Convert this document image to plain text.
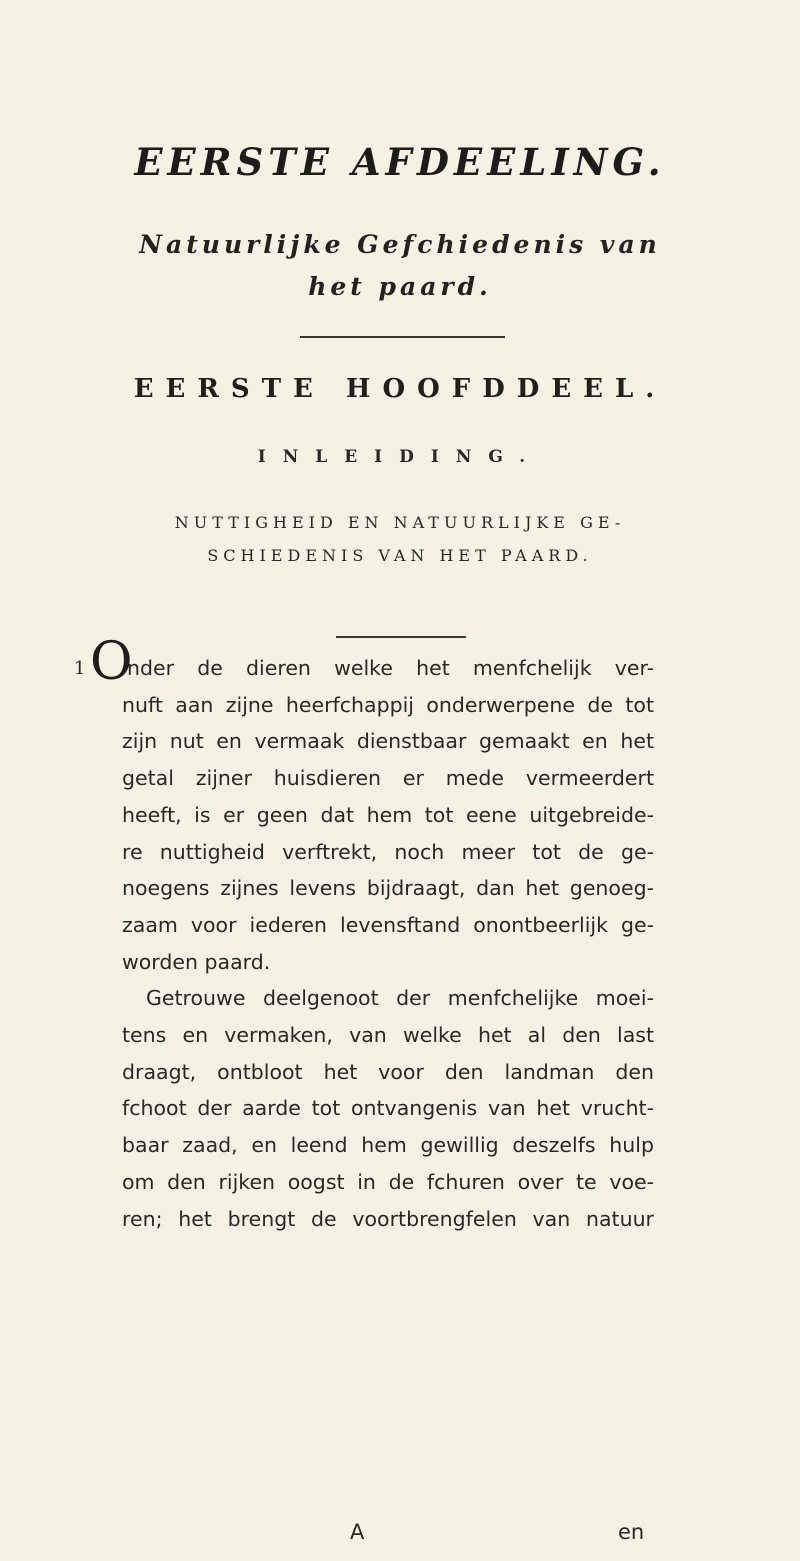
EERSTE AFDEELING.
Natuurlijke Gefchiedenis van
het paard.
EERSTE HOOFDDEEL.
INLEIDING.
NUTTIGHEID EN NATUURLIJKE GE-
SCHIEDENIS VAN HET PAARD.
1 O
nder de dieren welke het menfchelijk ver-
nuft aan zijne heerfchappij onderwerpene de tot
zijn nut en vermaak dienstbaar gemaakt en het
getal zijner huisdieren er mede vermeerdert
heeft, is er geen dat hem tot eene uitgebreide-
re nuttigheid verftrekt, noch meer tot de ge-
noegens zijnes levens bijdraagt, dan het genoeg-
zaam voor iederen levensftand onontbeerlijk ge-
worden paard.
Getrouwe deelgenoot der menfchelijke moei-
tens en vermaken, van welke het al den last
draagt, ontbloot het voor den landman den
fchoot der aarde tot ontvangenis van het vrucht-
baar zaad, en leend hem gewillig deszelfs hulp
om den rijken oogst in de fchuren over te voe-
ren; het brengt de voortbrengfelen van natuur
A	en
